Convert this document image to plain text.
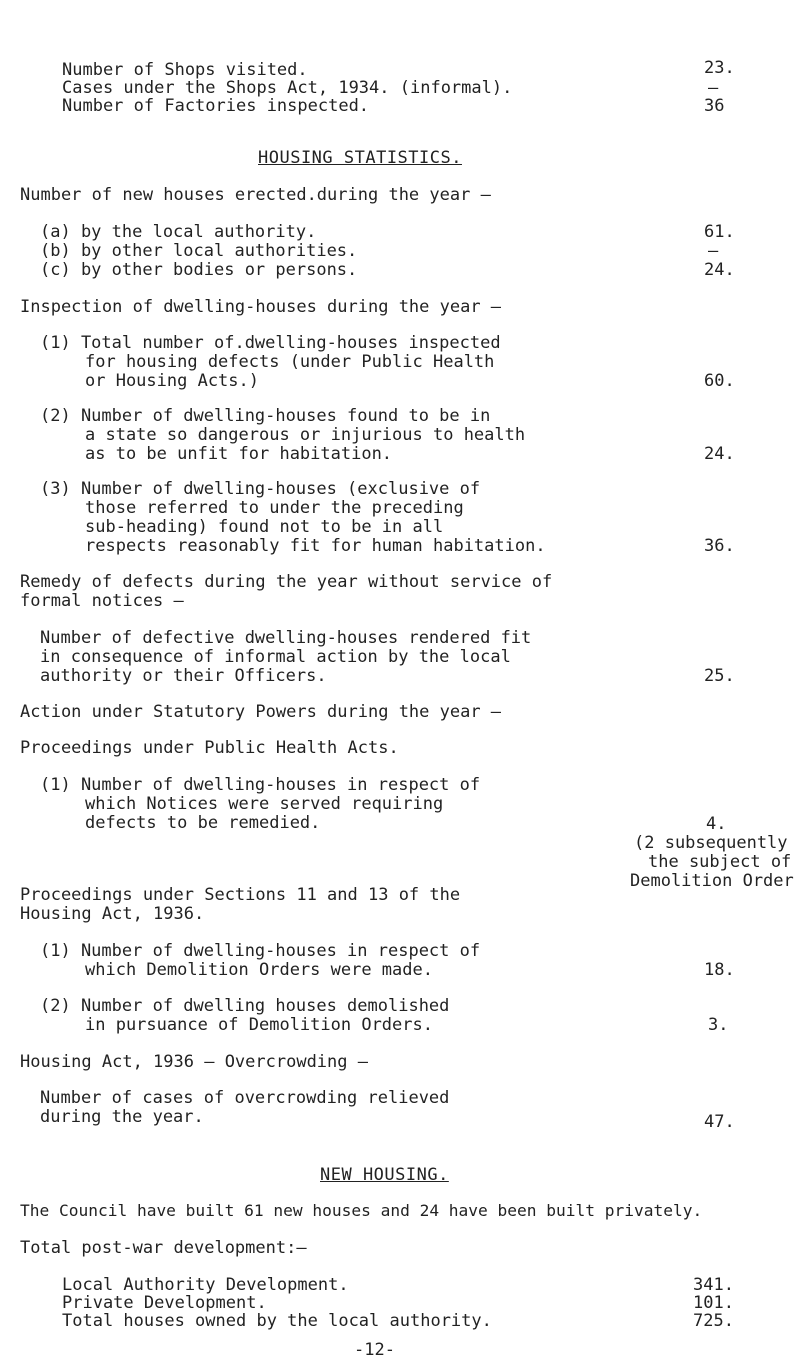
Number of Shops visited.	23.
Cases under the Shops Act, 1934. (informal).	—
Number of Factories inspected.	36
HOUSING STATISTICS.
Number of new houses erected.during the year –
(a) by the local authority.	61.
(b) by other local authorities.	—
(c) by other bodies or persons.	24.
Inspection of dwelling-houses during the year –
(1) Total number of.dwelling-houses inspected
for housing defects (under Public Health
or Housing Acts.)	60.
(2) Number of dwelling-houses found to be in
a state so dangerous or injurious to health
as to be unfit for habitation.	24.
(3) Number of dwelling-houses (exclusive of
those referred to under the preceding
sub-heading) found not to be in all
respects reasonably fit for human habitation.	36.
Remedy of defects during the year without service of
formal notices –
Number of defective dwelling-houses rendered fit
in consequence of informal action by the local
authority or their Officers.	25.
Action under Statutory Powers during the year –
Proceedings under Public Health Acts.
(1) Number of dwelling-houses in respect of
which Notices were served requiring
defects to be remedied.	4.
(2 subsequently
the subject of
Demolition Order
Proceedings under Sections 11 and 13 of the
Housing Act, 1936.
(1) Number of dwelling-houses in respect of
which Demolition Orders were made.	18.
(2) Number of dwelling houses demolished
in pursuance of Demolition Orders.	3.
Housing Act, 1936 – Overcrowding –
Number of cases of overcrowding relieved
during the year.	47.
NEW HOUSING.
The Council have built 61 new houses and 24 have been built privately.
Total post-war development:–
Local Authority Development.	341.
Private Development.	101.
Total houses owned by the local authority.	725.
-12-
